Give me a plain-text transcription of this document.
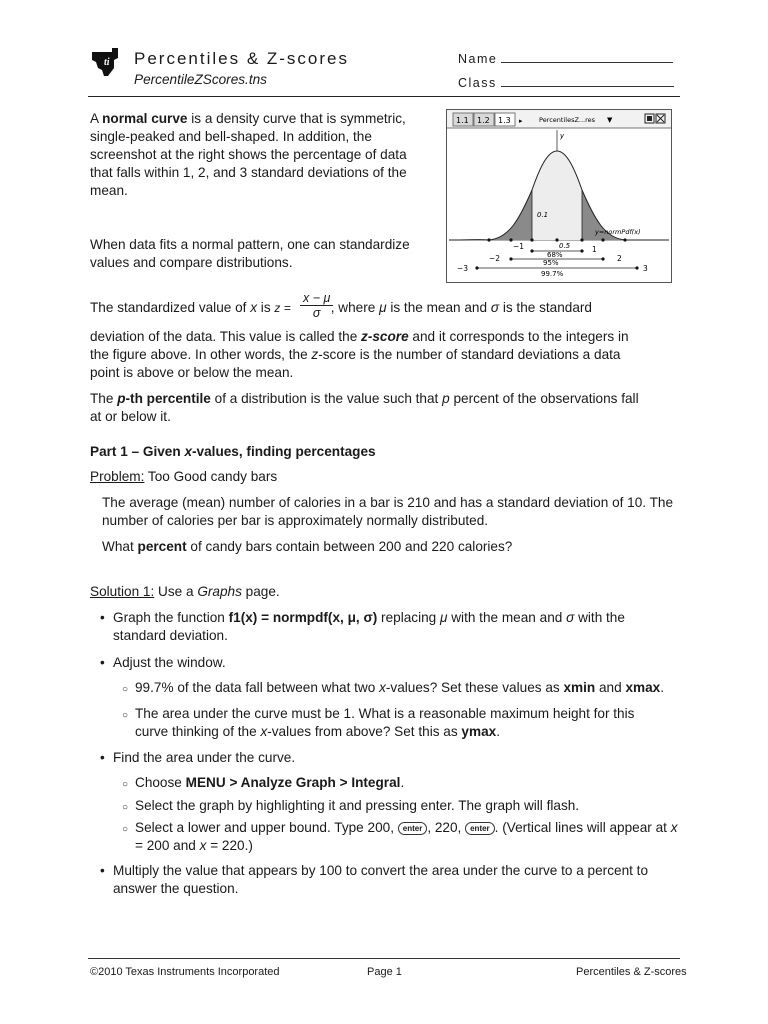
ti Percentiles & Z-scores
PercentileZScores.tns
Name
Class
A normal curve is a density curve that is symmetric, single-peaked and bell-shaped. In addition, the screenshot at the right shows the percentage of data that falls within 1, 2, and 3 standard deviations of the mean.
When data fits a normal pattern, one can standardize values and compare distributions.
1.1 1.2 1.3 ▸	PercentilesZ...res ▼
y
0.1
y=normPdf(x)
−1	0.5	1
68%
−2	2
95%
−3	3
99.7%
The standardized value of x is z =	, where μ is the mean and σ is the standard
$\frac{x - \mu}{\sigma}$
deviation of the data. This value is called the z-score and it corresponds to the integers in the figure above. In other words, the z-score is the number of standard deviations a data point is above or below the mean.
The p-th percentile of a distribution is the value such that p percent of the observations fall at or below it.
Part 1 – Given x-values, finding percentages
Problem: Too Good candy bars
The average (mean) number of calories in a bar is 210 and has a standard deviation of 10. The number of calories per bar is approximately normally distributed.
What percent of candy bars contain between 200 and 220 calories?
Solution 1: Use a Graphs page.
• Graph the function f1(x) = normpdf(x, μ, σ) replacing μ with the mean and σ with the standard deviation.
• Adjust the window.
○ 99.7% of the data fall between what two x-values? Set these values as xmin and xmax.
○ The area under the curve must be 1. What is a reasonable maximum height for this curve thinking of the x-values from above? Set this as ymax.
• Find the area under the curve.
○ Choose MENU > Analyze Graph > Integral.
○ Select the graph by highlighting it and pressing enter. The graph will flash.
○ Select a lower and upper bound. Type 200, enter , 220, enter . (Vertical lines will appear at x = 200 and x = 220.)
• Multiply the value that appears by 100 to convert the area under the curve to a percent to answer the question.
©2010 Texas Instruments Incorporated	Page 1	Percentiles & Z-scores
